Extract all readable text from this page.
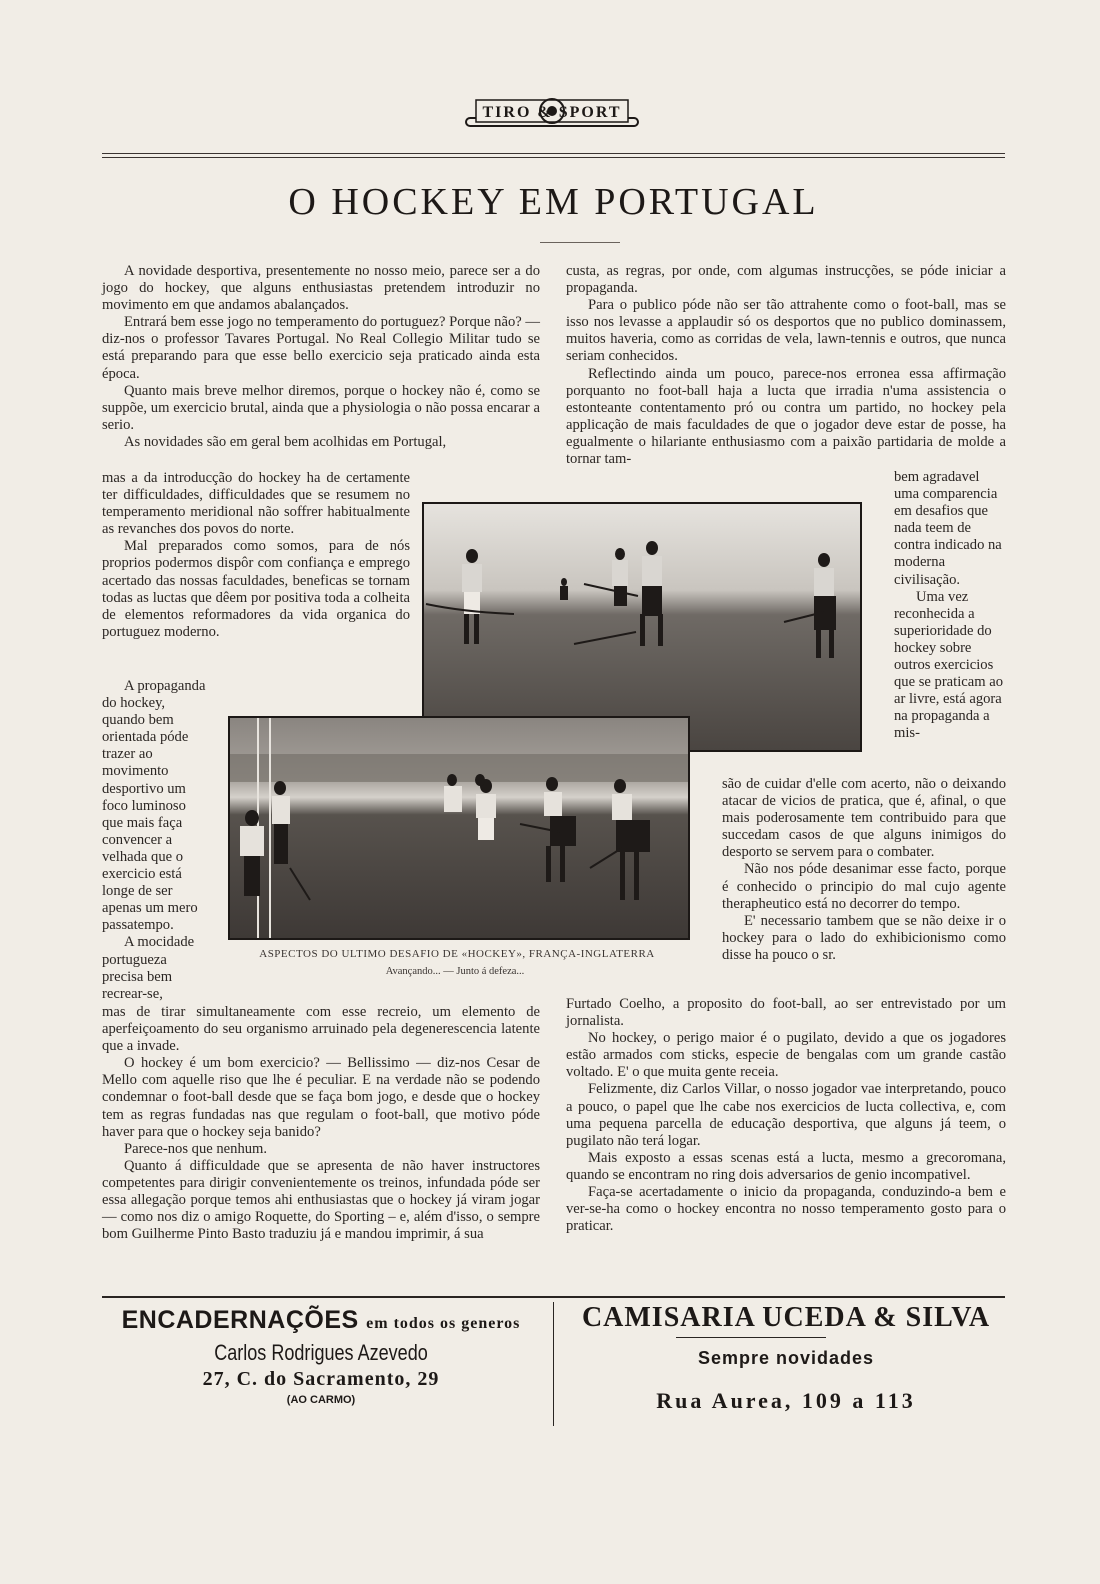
TIRO & SPORT
O HOCKEY EM PORTUGAL

A novidade desportiva, presentemente no nosso meio, parece ser a do jogo do hockey, que alguns enthusiastas pretendem introduzir no movimento em que andamos abalançados.

Entrará bem esse jogo no temperamento do portuguez? Porque não? — diz-nos o professor Tavares Portugal. No Real Collegio Militar tudo se está preparando para que esse bello exercicio seja praticado ainda esta época.

Quanto mais breve melhor diremos, porque o hockey não é, como se suppõe, um exercicio brutal, ainda que a physiologia o não possa encarar a serio.

As novidades são em geral bem acolhidas em Portugal,

mas a da introducção do hockey ha de certamente ter difficuldades, difficuldades que se resumem no temperamento meridional não soffrer habitualmente as revanches dos povos do norte.

Mal preparados como somos, para de nós proprios podermos dispôr com confiança e emprego acertado das nossas faculdades, beneficas se tornam todas as luctas que dêem por positiva toda a colheita de elementos reformadores da vida organica do portuguez moderno.

A propaganda do hockey, quando bem orientada póde trazer ao movimento desportivo um foco luminoso que mais faça convencer a velhada que o exercicio está longe de ser apenas um mero passatempo.

A mocidade portugueza precisa bem recrear-se,

mas de tirar simultaneamente com esse recreio, um elemento de aperfeiçoamento do seu organismo arruinado pela degenerescencia latente que a invade.

O hockey é um bom exercicio? — Bellissimo — diz-nos Cesar de Mello com aquelle riso que lhe é peculiar. E na verdade não se podendo condemnar o foot-ball desde que se faça bom jogo, e desde que o hockey tem as regras fundadas nas que regulam o foot-ball, que motivo póde haver para que o hockey seja banido?

Parece-nos que nenhum.

Quanto á difficuldade que se apresenta de não haver instructores competentes para dirigir convenientemente os treinos, infundada póde ser essa allegação porque temos ahi enthusiastas que o hockey já viram jogar — como nos diz o amigo Roquette, do Sporting – e, além d'isso, o sempre bom Guilherme Pinto Basto traduziu já e mandou imprimir, á sua

custa, as regras, por onde, com algumas instrucções, se póde iniciar a propaganda.

Para o publico póde não ser tão attrahente como o foot-ball, mas se isso nos levasse a applaudir só os desportos que no publico dominassem, muitos haveria, como as corridas de vela, lawn-tennis e outros, que nunca seriam conhecidos.

Reflectindo ainda um pouco, parece-nos erronea essa affirmação porquanto no foot-ball haja a lucta que irradia n'uma assistencia o estonteante contentamento pró ou contra um partido, no hockey pela applicação de mais faculdades de que o jogador deve estar de posse, ha egualmente o hilariante enthusiasmo com a paixão partidaria de molde a tornar tam-

bem agradavel uma comparencia em desafios que nada teem de contra indicado na moderna civilisação.

Uma vez reconhecida a superioridade do hockey sobre outros exercicios que se praticam ao ar livre, está agora na propaganda a mis-

são de cuidar d'elle com acerto, não o deixando atacar de vicios de pratica, que é, afinal, o que mais poderosamente tem contribuido para que succedam casos de que alguns inimigos do desporto se servem para o combater.

Não nos póde desanimar esse facto, porque é conhecido o principio do mal cujo agente therapheutico está no decorrer do tempo.

E' necessario tambem que se não deixe ir o hockey para o lado do exhibicionismo como disse ha pouco o sr.

Furtado Coelho, a proposito do foot-ball, ao ser entrevistado por um jornalista.

No hockey, o perigo maior é o pugilato, devido a que os jogadores estão armados com sticks, especie de bengalas com um grande castão voltado. E' o que muita gente receia.

Felizmente, diz Carlos Villar, o nosso jogador vae interpretando, pouco a pouco, o papel que lhe cabe nos exercicios de lucta collectiva, e, com uma pequena parcella de educação desportiva, que alguns já teem, o pugilato não terá logar.

Mais exposto a essas scenas está a lucta, mesmo a grecoromana, quando se encontram no ring dois adversarios de genio incompativel.

Faça-se acertadamente o inicio da propaganda, conduzindo-a bem e ver-se-ha como o hockey encontra no nosso temperamento gosto para o praticar.

ASPECTOS DO ULTIMO DESAFIO DE «HOCKEY», FRANÇA-INGLATERRA
Avançando... — Junto á defeza...
ENCADERNAÇÕES em todos os generos
Carlos Rodrigues Azevedo
27, C. do Sacramento, 29
(AO CARMO)
CAMISARIA UCEDA & SILVA
Sempre novidades
Rua Aurea, 109 a 113
